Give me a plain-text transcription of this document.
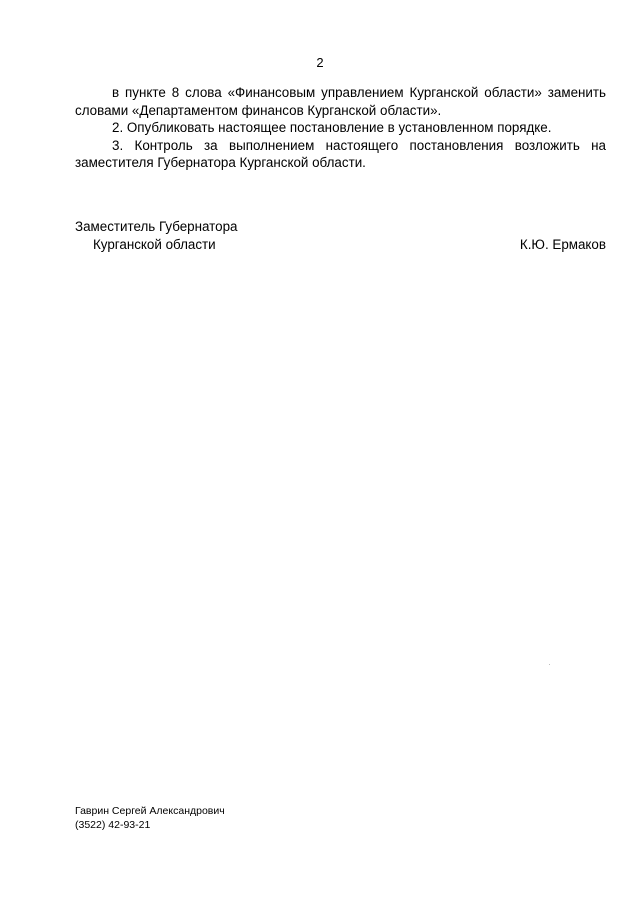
2

в пункте 8 слова «Финансовым управлением Курганской области» заменить словами «Департаментом финансов Курганской области».

2. Опубликовать настоящее постановление в установленном порядке.

3. Контроль за выполнением настоящего постановления возложить на заместителя Губернатора Курганской области.

Заместитель Губернатора
Курганской области	К.Ю. Ермаков
Гаврин Сергей Александрович
(3522) 42-93-21
